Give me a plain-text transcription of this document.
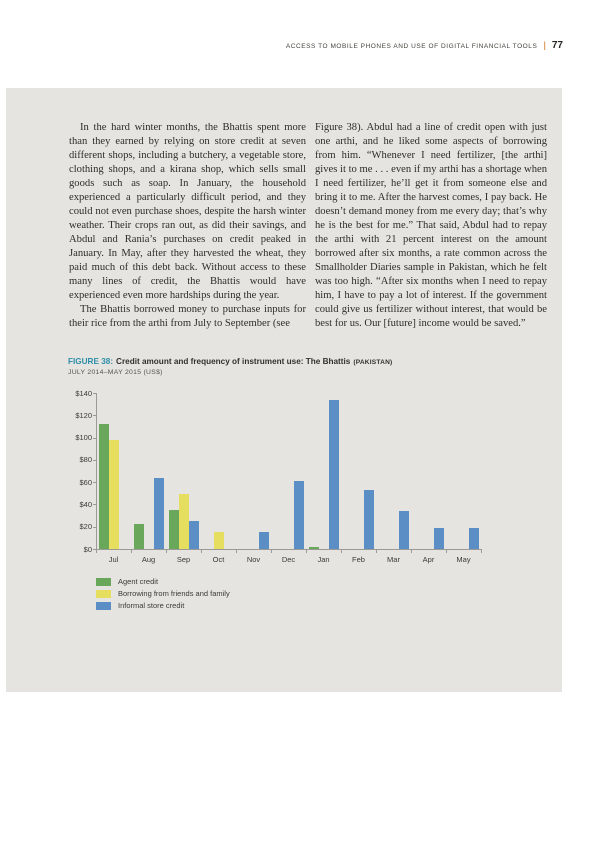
ACCESS TO MOBILE PHONES AND USE OF DIGITAL FINANCIAL TOOLS | 77

In the hard winter months, the Bhattis spent more than they earned by relying on store credit at seven different shops, including a butchery, a vegetable store, clothing shops, and a kirana shop, which sells small goods such as soap. In January, the household experienced a particularly difficult period, and they could not even purchase shoes, despite the harsh winter weather. Their crops ran out, as did their savings, and Abdul and Rania’s purchases on credit peaked in January. In May, after they harvested the wheat, they paid much of this debt back. Without access to these many lines of credit, the Bhattis would have experienced even more hardships during the year.

The Bhattis borrowed money to purchase inputs for their rice from the arthi from July to September (see

Figure 38). Abdul had a line of credit open with just one arthi, and he liked some aspects of borrowing from him. “Whenever I need fertilizer, [the arthi] gives it to me . . . even if my arthi has a shortage when I need fertilizer, he’ll get it from someone else and bring it to me. After the harvest comes, I pay back. He doesn’t demand money from me every day; that’s why he is the best for me.” That said, Abdul had to repay the arthi with 21 percent interest on the amount borrowed after six months, a rate common across the Smallholder Diaries sample in Pakistan, which he felt was too high. “After six months when I need to repay him, I have to pay a lot of interest. If the government could give us fertilizer without interest, that would be best for us. Our [future] income would be saved.”

FIGURE 38: Credit amount and frequency of instrument use: The Bhattis (PAKISTAN)
JULY 2014–MAY 2015 (US$)
$0
$20
$40
$60
$80
$100
$120
$140
Jul	Aug	Sep	Oct	Nov	Dec	Jan	Feb	Mar	Apr	May
Agent credit
Borrowing from friends and family
Informal store credit
